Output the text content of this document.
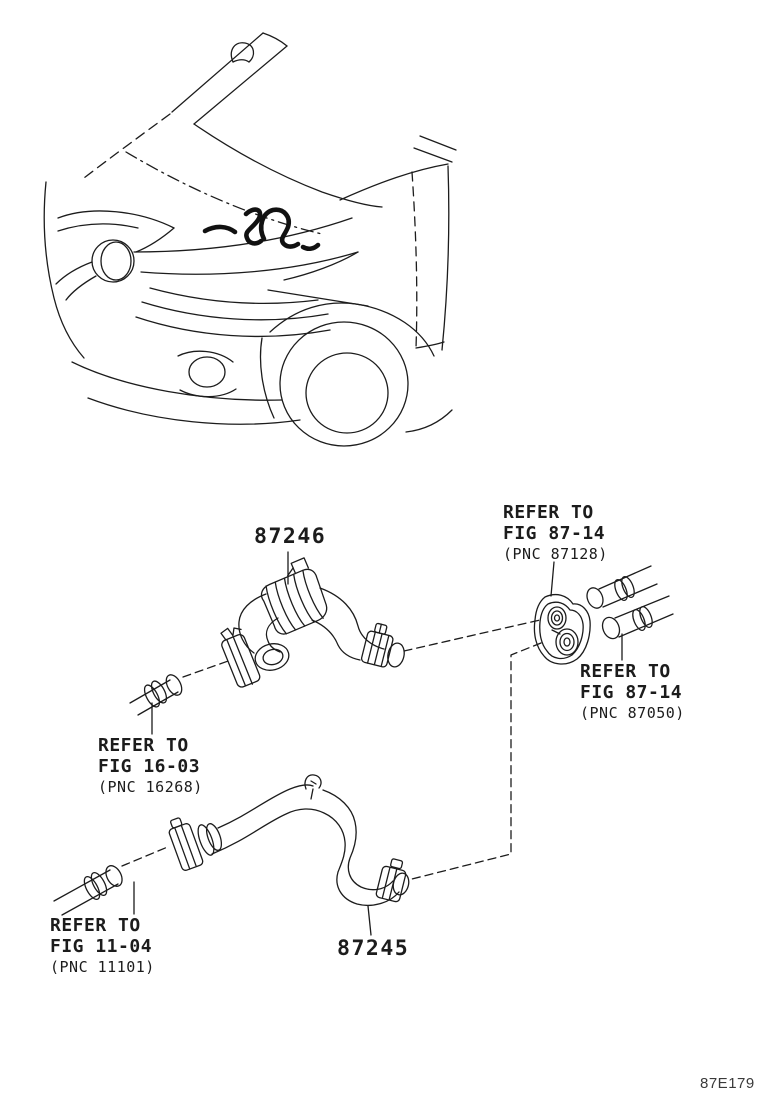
87246
87245
REFER TO
FIG 87-14
(PNC 87128)
REFER TO
FIG 87-14
(PNC 87050)
REFER TO
FIG 16-03
(PNC 16268)
REFER TO
FIG 11-04
(PNC 11101)
87E179
